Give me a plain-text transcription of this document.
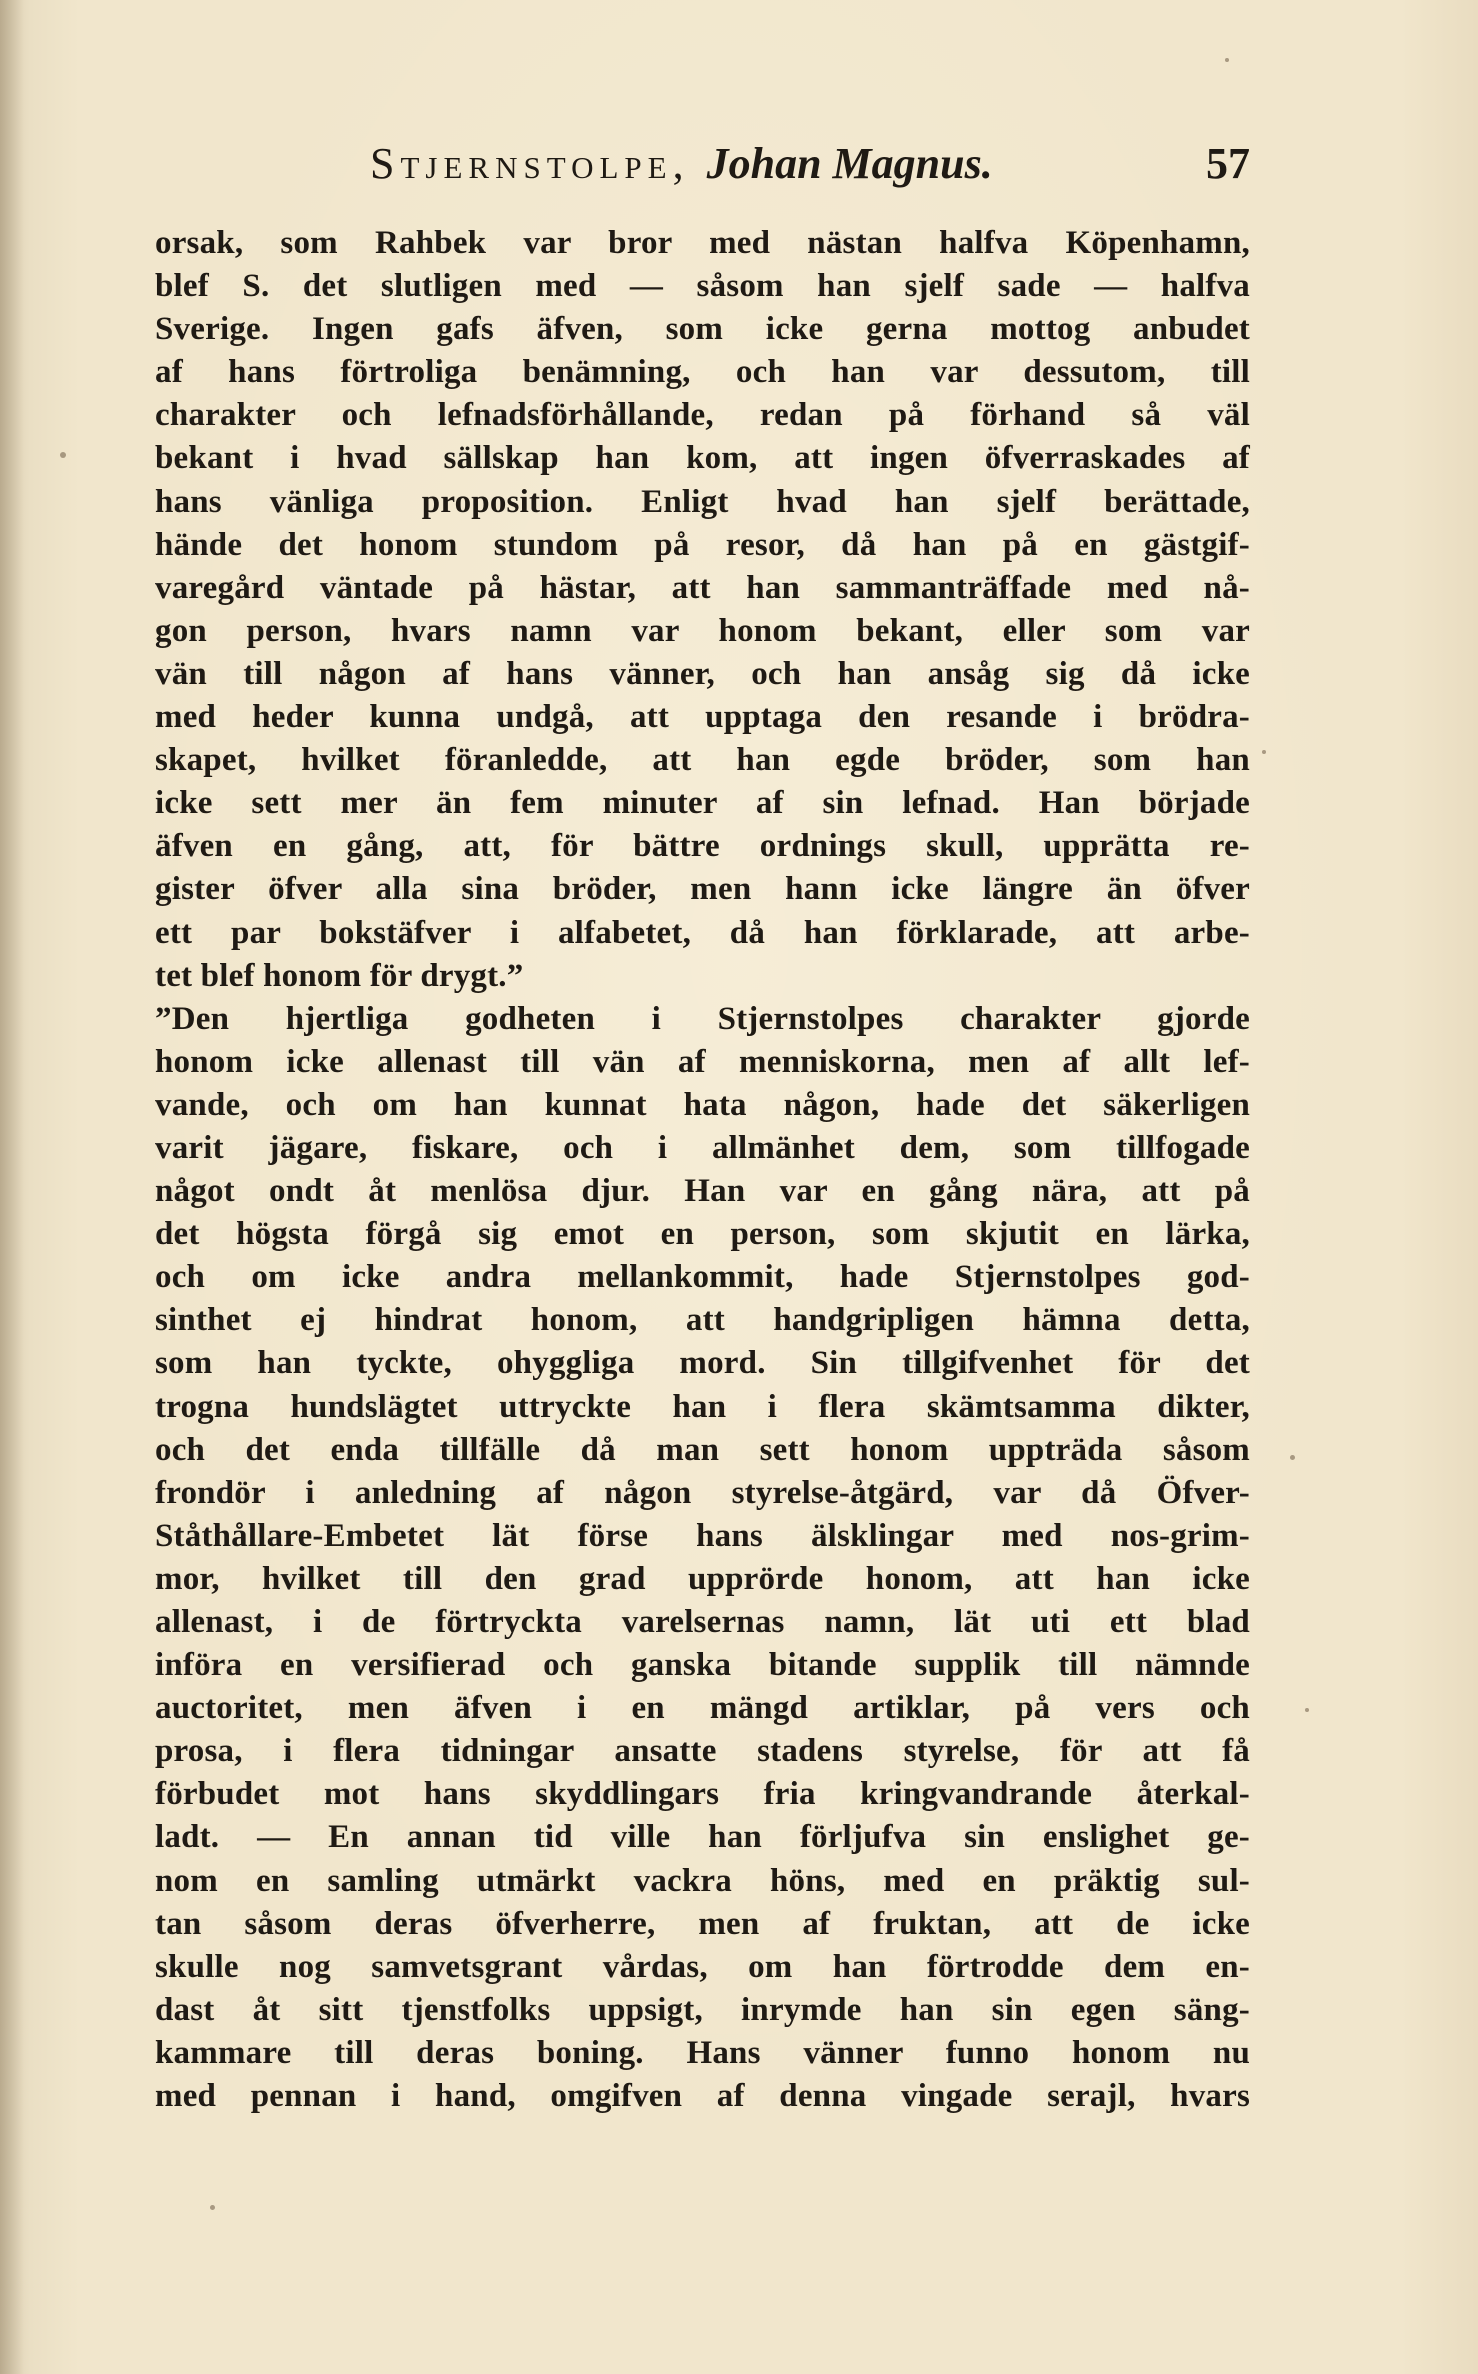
Stjernstolpe, Johan Magnus.	57
orsak, som Rahbek var bror med nästan halfva Köpenhamn,
blef S. det slutligen med — såsom han sjelf sade — halfva
Sverige. Ingen gafs äfven, som icke gerna mottog anbudet
af hans förtroliga benämning, och han var dessutom, till
charakter och lefnadsförhållande, redan på förhand så väl
bekant i hvad sällskap han kom, att ingen öfverraskades af
hans vänliga proposition. Enligt hvad han sjelf berättade,
hände det honom stundom på resor, då han på en gästgif-
varegård väntade på hästar, att han sammanträffade med nå-
gon person, hvars namn var honom bekant, eller som var
vän till någon af hans vänner, och han ansåg sig då icke
med heder kunna undgå, att upptaga den resande i brödra-
skapet, hvilket föranledde, att han egde bröder, som han
icke sett mer än fem minuter af sin lefnad. Han började
äfven en gång, att, för bättre ordnings skull, upprätta re-
gister öfver alla sina bröder, men hann icke längre än öfver
ett par bokstäfver i alfabetet, då han förklarade, att arbe-
tet blef honom för drygt.”
”Den hjertliga godheten i Stjernstolpes charakter gjorde
honom icke allenast till vän af menniskorna, men af allt lef-
vande, och om han kunnat hata någon, hade det säkerligen
varit jägare, fiskare, och i allmänhet dem, som tillfogade
något ondt åt menlösa djur. Han var en gång nära, att på
det högsta förgå sig emot en person, som skjutit en lärka,
och om icke andra mellankommit, hade Stjernstolpes god-
sinthet ej hindrat honom, att handgripligen hämna detta,
som han tyckte, ohyggliga mord. Sin tillgifvenhet för det
trogna hundslägtet uttryckte han i flera skämtsamma dikter,
och det enda tillfälle då man sett honom uppträda såsom
frondör i anledning af någon styrelse-åtgärd, var då Öfver-
Ståthållare-Embetet lät förse hans älsklingar med nos-grim-
mor, hvilket till den grad upprörde honom, att han icke
allenast, i de förtryckta varelsernas namn, lät uti ett blad
införa en versifierad och ganska bitande supplik till nämnde
auctoritet, men äfven i en mängd artiklar, på vers och
prosa, i flera tidningar ansatte stadens styrelse, för att få
förbudet mot hans skyddlingars fria kringvandrande återkal-
ladt. — En annan tid ville han förljufva sin enslighet ge-
nom en samling utmärkt vackra höns, med en präktig sul-
tan såsom deras öfverherre, men af fruktan, att de icke
skulle nog samvetsgrant vårdas, om han förtrodde dem en-
dast åt sitt tjenstfolks uppsigt, inrymde han sin egen säng-
kammare till deras boning. Hans vänner funno honom nu
med pennan i hand, omgifven af denna vingade serajl, hvars
